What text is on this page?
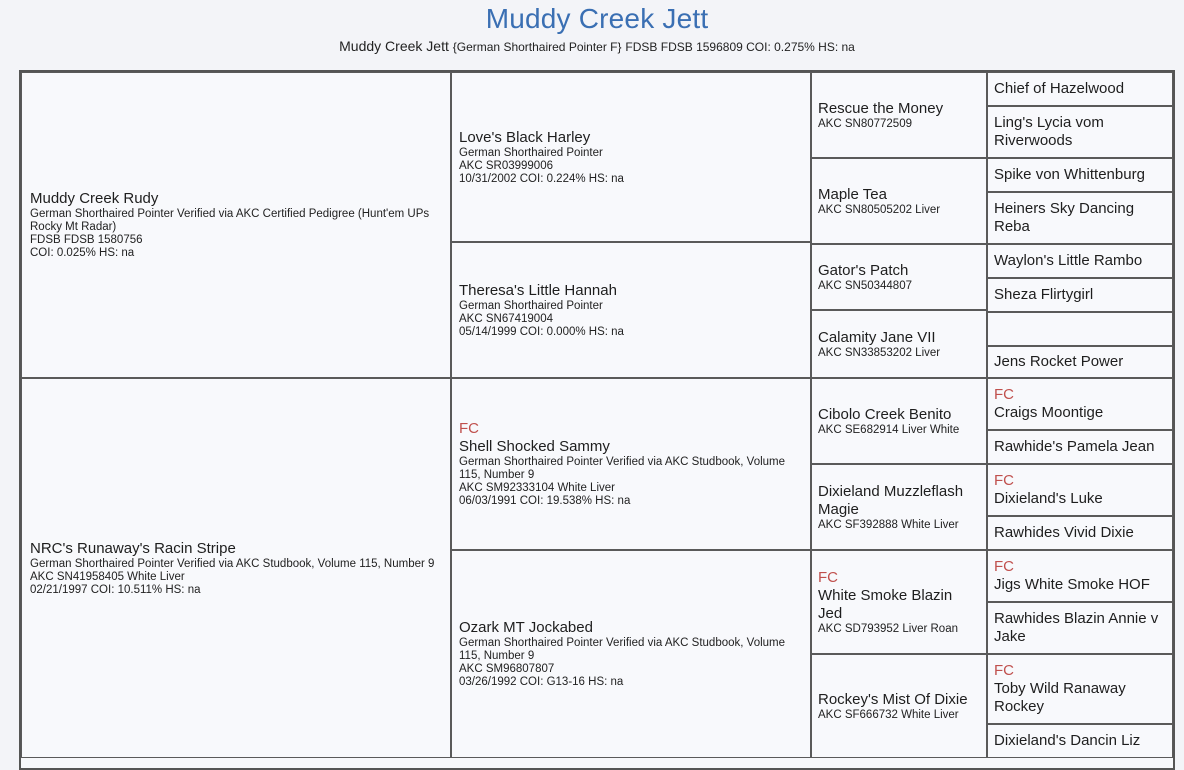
Muddy Creek Jett
Muddy Creek Jett {German Shorthaired Pointer F} FDSB FDSB 1596809 COI: 0.275% HS: na
Muddy Creek Rudy
German Shorthaired Pointer Verified via AKC Certified Pedigree (Hunt'em UPs Rocky Mt Radar)
FDSB FDSB 1580756
COI: 0.025% HS: na
NRC's Runaway's Racin Stripe
German Shorthaired Pointer Verified via AKC Studbook, Volume 115, Number 9
AKC SN41958405 White Liver
02/21/1997 COI: 10.511% HS: na
Love's Black Harley
German Shorthaired Pointer
AKC SR03999006
10/31/2002 COI: 0.224% HS: na
Theresa's Little Hannah
German Shorthaired Pointer
AKC SN67419004
05/14/1999 COI: 0.000% HS: na
FC
Shell Shocked Sammy
German Shorthaired Pointer Verified via AKC Studbook, Volume 115, Number 9
AKC SM92333104 White Liver
06/03/1991 COI: 19.538% HS: na
Ozark MT Jockabed
German Shorthaired Pointer Verified via AKC Studbook, Volume 115, Number 9
AKC SM96807807
03/26/1992 COI: G13-16 HS: na
Rescue the Money
AKC SN80772509
Maple Tea
AKC SN80505202 Liver
Gator's Patch
AKC SN50344807
Calamity Jane VII
AKC SN33853202 Liver
Cibolo Creek Benito
AKC SE682914 Liver White
Dixieland Muzzleflash Magie
AKC SF392888 White Liver
FC
White Smoke Blazin Jed
AKC SD793952 Liver Roan
Rockey's Mist Of Dixie
AKC SF666732 White Liver
Chief of Hazelwood
Ling's Lycia vom Riverwoods
Spike von Whittenburg
Heiners Sky Dancing Reba
Waylon's Little Rambo
Sheza Flirtygirl
Jens Rocket Power
FC
Craigs Moontige
Rawhide's Pamela Jean
FC
Dixieland's Luke
Rawhides Vivid Dixie
FC
Jigs White Smoke HOF
Rawhides Blazin Annie v Jake
FC
Toby Wild Ranaway Rockey
Dixieland's Dancin Liz
